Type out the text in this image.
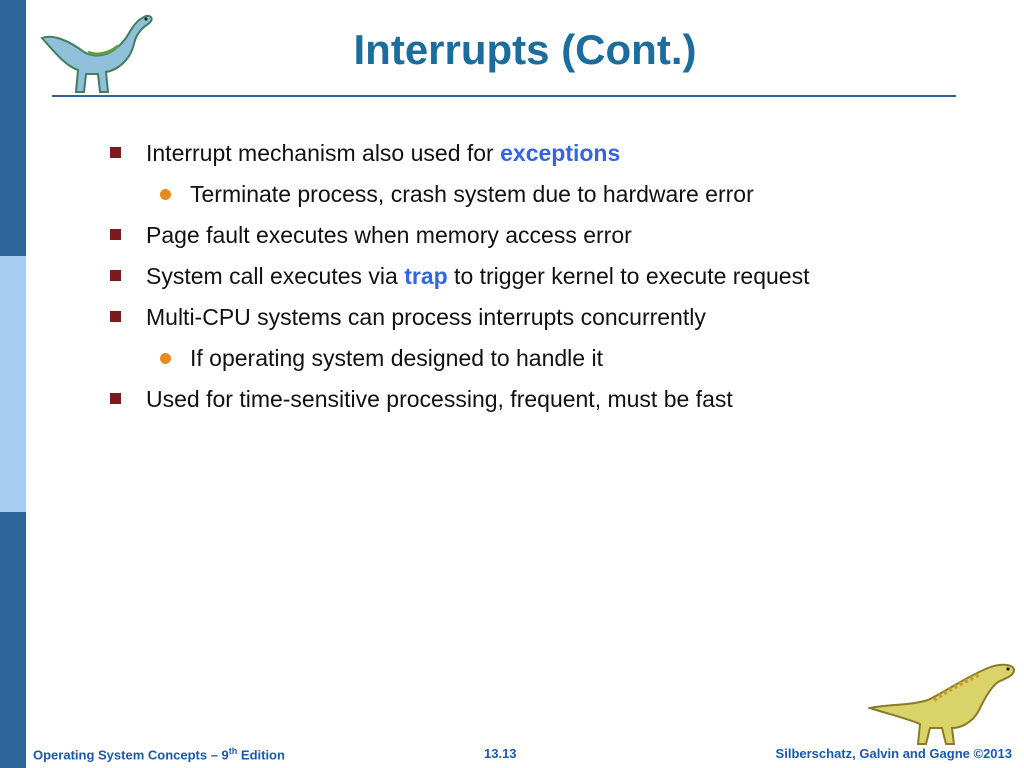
Interrupts (Cont.)
Interrupt mechanism also used for exceptions
Terminate process, crash system due to hardware error
Page fault executes when memory access error
System call executes via trap to trigger kernel to execute request
Multi-CPU systems can process interrupts concurrently
If operating system designed to handle it
Used for time-sensitive processing, frequent, must be fast
Operating System Concepts – 9th Edition	13.13	Silberschatz, Galvin and Gagne ©2013
